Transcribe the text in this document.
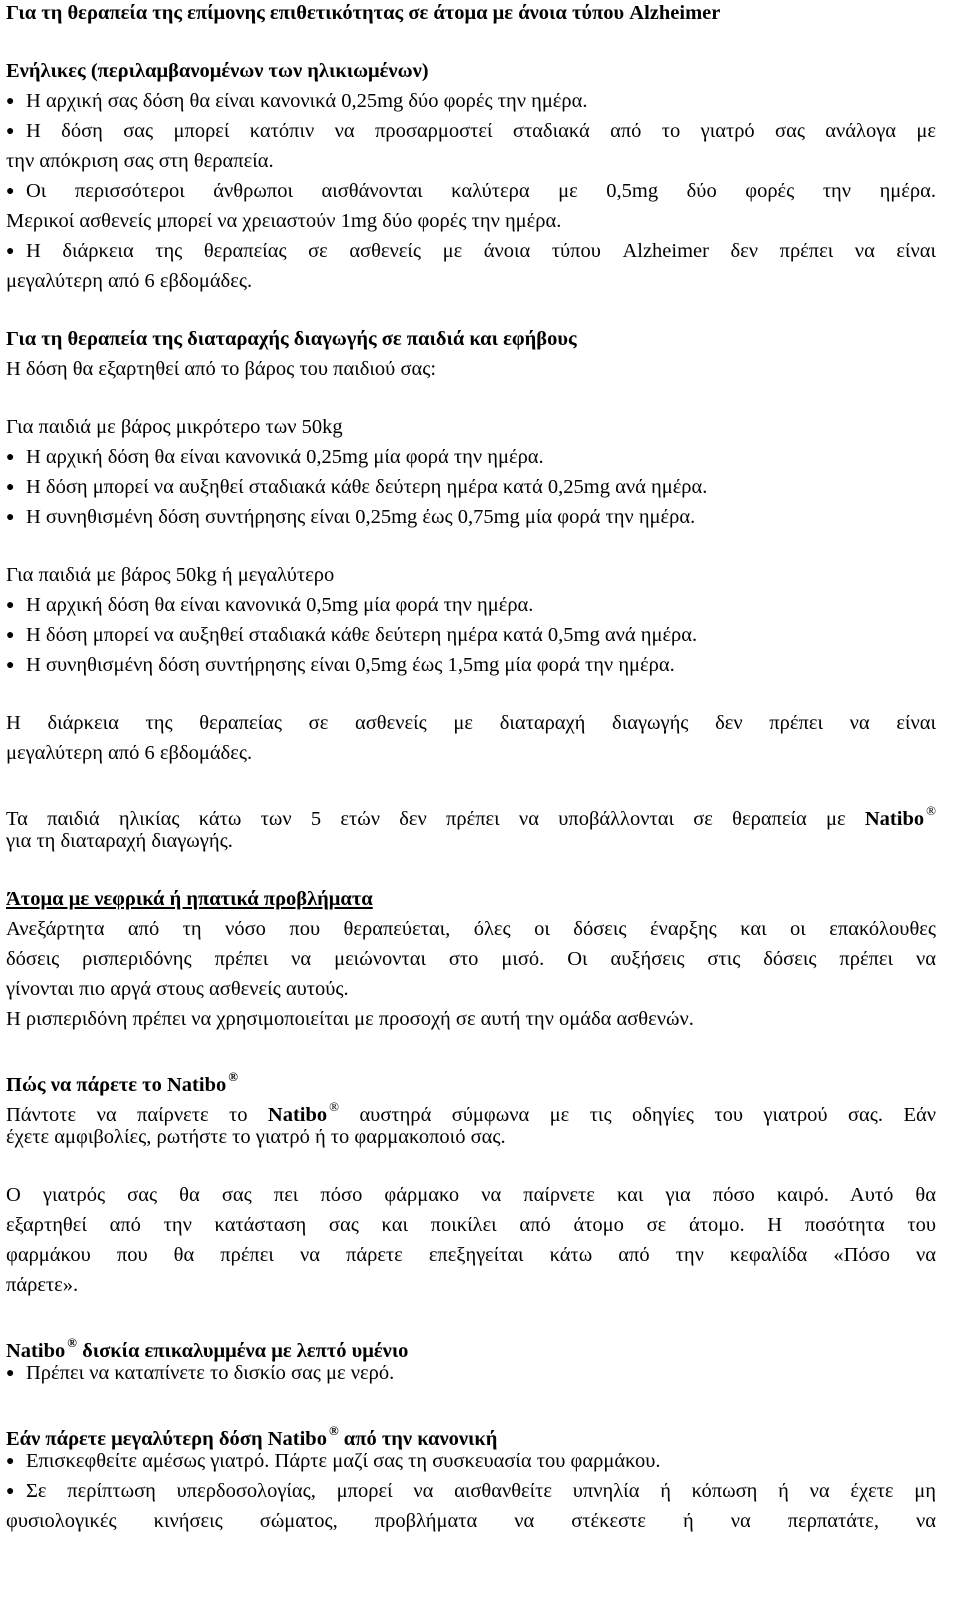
Για τη θεραπεία της επίμονης επιθετικότητας σε άτομα με άνοια τύπου Alzheimer
Ενήλικες (περιλαμβανομένων των ηλικιωμένων)
● Η αρχική σας δόση θα είναι κανονικά 0,25mg δύο φορές την ημέρα.
● Η δόση σας μπορεί κατόπιν να προσαρμοστεί σταδιακά από το γιατρό σας ανάλογα με
την απόκριση σας στη θεραπεία.
● Οι περισσότεροι άνθρωποι αισθάνονται καλύτερα με 0,5mg δύο φορές την ημέρα.
Μερικοί ασθενείς μπορεί να χρειαστούν 1mg δύο φορές την ημέρα.
● Η διάρκεια της θεραπείας σε ασθενείς με άνοια τύπου Alzheimer δεν πρέπει να είναι
μεγαλύτερη από 6 εβδομάδες.
Για τη θεραπεία της διαταραχής διαγωγής σε παιδιά και εφήβους
Η δόση θα εξαρτηθεί από το βάρος του παιδιού σας:
Για παιδιά με βάρος μικρότερο των 50kg
● Η αρχική δόση θα είναι κανονικά 0,25mg μία φορά την ημέρα.
● Η δόση μπορεί να αυξηθεί σταδιακά κάθε δεύτερη ημέρα κατά 0,25mg ανά ημέρα.
● Η συνηθισμένη δόση συντήρησης είναι 0,25mg έως 0,75mg μία φορά την ημέρα.
Για παιδιά με βάρος 50kg ή μεγαλύτερο
● Η αρχική δόση θα είναι κανονικά 0,5mg μία φορά την ημέρα.
● Η δόση μπορεί να αυξηθεί σταδιακά κάθε δεύτερη ημέρα κατά 0,5mg ανά ημέρα.
● Η συνηθισμένη δόση συντήρησης είναι 0,5mg έως 1,5mg μία φορά την ημέρα.
Η διάρκεια της θεραπείας σε ασθενείς με διαταραχή διαγωγής δεν πρέπει να είναι
μεγαλύτερη από 6 εβδομάδες.
Τα παιδιά ηλικίας κάτω των 5 ετών δεν πρέπει να υποβάλλονται σε θεραπεία με Natibo ®
για τη διαταραχή διαγωγής.
Άτομα με νεφρικά ή ηπατικά προβλήματα
Ανεξάρτητα από τη νόσο που θεραπεύεται, όλες οι δόσεις έναρξης και οι επακόλουθες
δόσεις ρισπεριδόνης πρέπει να μειώνονται στο μισό. Οι αυξήσεις στις δόσεις πρέπει να
γίνονται πιο αργά στους ασθενείς αυτούς.
Η ρισπεριδόνη πρέπει να χρησιμοποιείται με προσοχή σε αυτή την ομάδα ασθενών.
Πώς να πάρετε το Natibo ®
Πάντοτε να παίρνετε το Natibo ® αυστηρά σύμφωνα με τις οδηγίες του γιατρού σας. Εάν
έχετε αμφιβολίες, ρωτήστε το γιατρό ή το φαρμακοποιό σας.
Ο γιατρός σας θα σας πει πόσο φάρμακο να παίρνετε και για πόσο καιρό. Αυτό θα
εξαρτηθεί από την κατάσταση σας και ποικίλει από άτομο σε άτομο. Η ποσότητα του
φαρμάκου που θα πρέπει να πάρετε επεξηγείται κάτω από την κεφαλίδα «Πόσο να
πάρετε».
Natibo ® δισκία επικαλυμμένα με λεπτό υμένιο
● Πρέπει να καταπίνετε το δισκίο σας με νερό.
Εάν πάρετε μεγαλύτερη δόση Natibo ® από την κανονική
● Επισκεφθείτε αμέσως γιατρό. Πάρτε μαζί σας τη συσκευασία του φαρμάκου.
● Σε περίπτωση υπερδοσολογίας, μπορεί να αισθανθείτε υπνηλία ή κόπωση ή να έχετε μη
φυσιολογικές κινήσεις σώματος, προβλήματα να στέκεστε ή να περπατάτε, να
